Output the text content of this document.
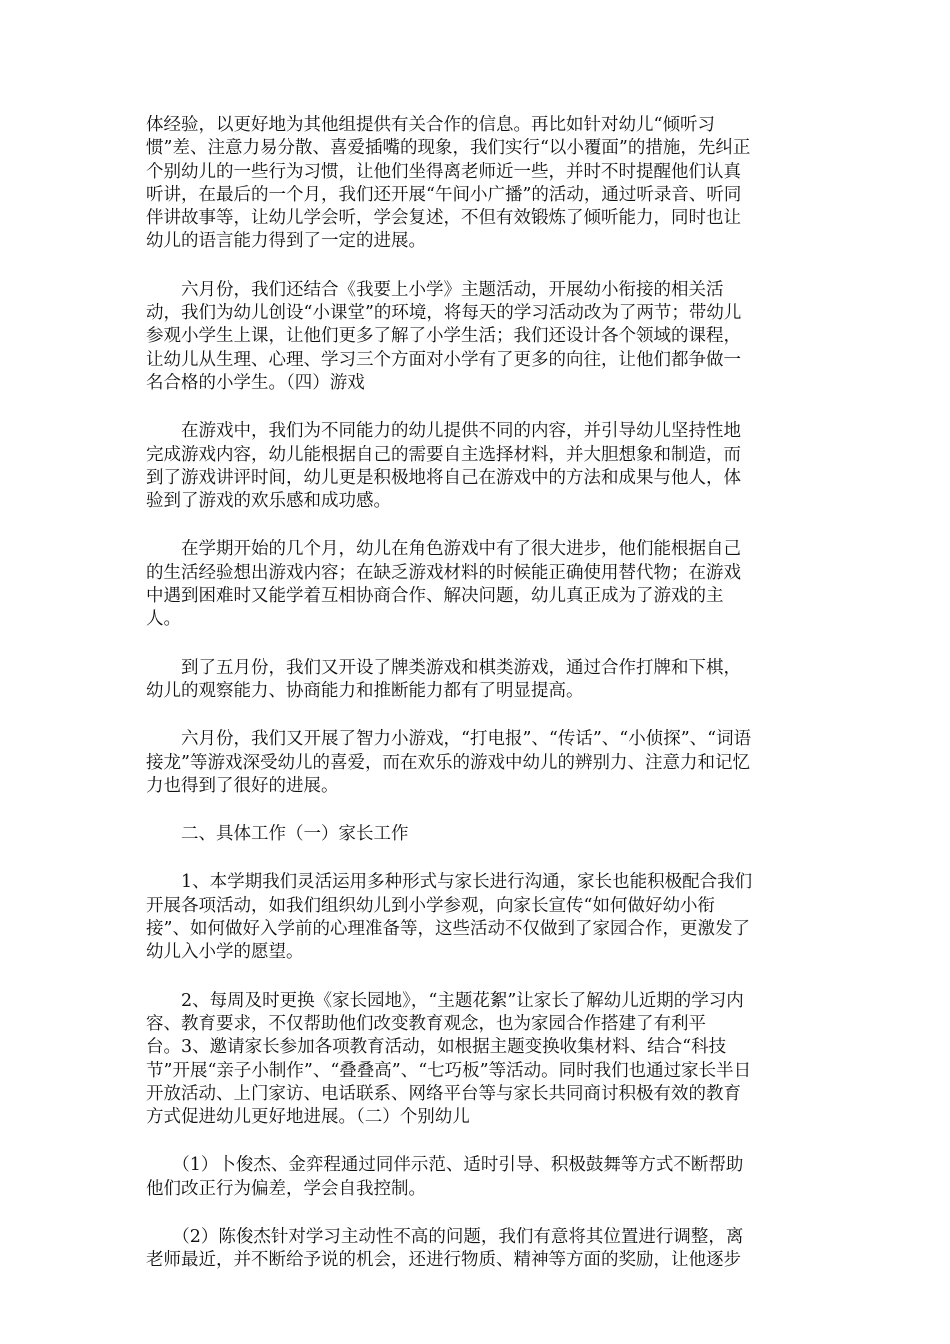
体经验，以更好地为其他组提供有关合作的信息。再比如针对幼儿“倾听习
惯”差、注意力易分散、喜爱插嘴的现象，我们实行“以小覆面”的措施，先纠正
个别幼儿的一些行为习惯，让他们坐得离老师近一些，并时不时提醒他们认真
听讲，在最后的一个月，我们还开展“午间小广播”的活动，通过听录音、听同
伴讲故事等，让幼儿学会听，学会复述，不但有效锻炼了倾听能力，同时也让
幼儿的语言能力得到了一定的进展。
　　六月份，我们还结合《我要上小学》主题活动，开展幼小衔接的相关活
动，我们为幼儿创设“小课堂”的环境，将每天的学习活动改为了两节；带幼儿
参观小学生上课，让他们更多了解了小学生活；我们还设计各个领域的课程，
让幼儿从生理、心理、学习三个方面对小学有了更多的向往，让他们都争做一
名合格的小学生。（四）游戏
　　在游戏中，我们为不同能力的幼儿提供不同的内容，并引导幼儿坚持性地
完成游戏内容，幼儿能根据自己的需要自主选择材料，并大胆想象和制造，而
到了游戏讲评时间，幼儿更是积极地将自己在游戏中的方法和成果与他人，体
验到了游戏的欢乐感和成功感。
　　在学期开始的几个月，幼儿在角色游戏中有了很大进步，他们能根据自己
的生活经验想出游戏内容；在缺乏游戏材料的时候能正确使用替代物；在游戏
中遇到困难时又能学着互相协商合作、解决问题，幼儿真正成为了游戏的主
人。
　　到了五月份，我们又开设了牌类游戏和棋类游戏，通过合作打牌和下棋，
幼儿的观察能力、协商能力和推断能力都有了明显提高。
　　六月份，我们又开展了智力小游戏，“打电报”、“传话”、“小侦探”、“词语
接龙”等游戏深受幼儿的喜爱，而在欢乐的游戏中幼儿的辨别力、注意力和记忆
力也得到了很好的进展。
　　二、具体工作（一）家长工作
　　1、本学期我们灵活运用多种形式与家长进行沟通，家长也能积极配合我们
开展各项活动，如我们组织幼儿到小学参观，向家长宣传“如何做好幼小衔
接”、如何做好入学前的心理准备等，这些活动不仅做到了家园合作，更激发了
幼儿入小学的愿望。
　　2、每周及时更换《家长园地》，“主题花絮”让家长了解幼儿近期的学习内
容、教育要求，不仅帮助他们改变教育观念，也为家园合作搭建了有利平
台。3、邀请家长参加各项教育活动，如根据主题变换收集材料、结合“科技
节”开展“亲子小制作”、“叠叠高”、“七巧板”等活动。同时我们也通过家长半日
开放活动、上门家访、电话联系、网络平台等与家长共同商讨积极有效的教育
方式促进幼儿更好地进展。（二）个别幼儿
　　（1）卜俊杰、金弈程通过同伴示范、适时引导、积极鼓舞等方式不断帮助
他们改正行为偏差，学会自我控制。
　　（2）陈俊杰针对学习主动性不高的问题，我们有意将其位置进行调整，离
老师最近，并不断给予说的机会，还进行物质、精神等方面的奖励，让他逐步
